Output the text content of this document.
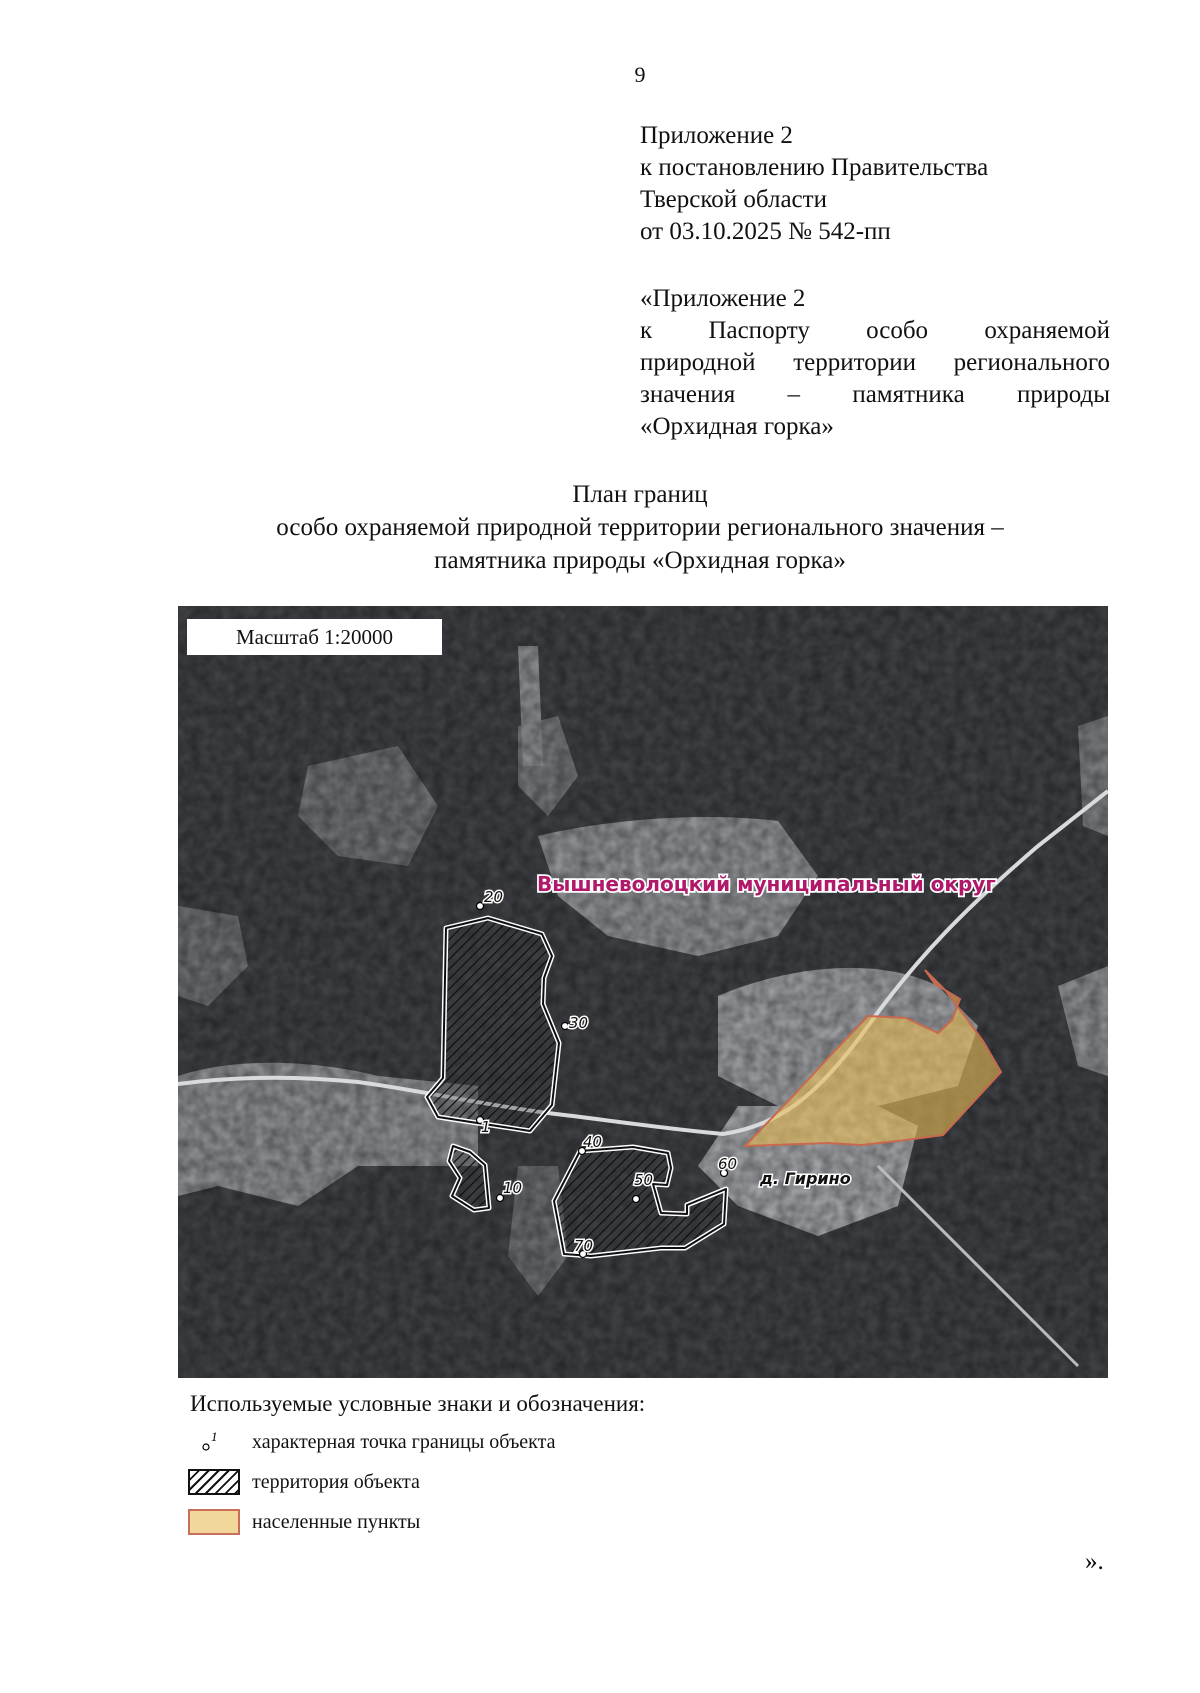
9
Приложение 2
к постановлению Правительства
Тверской области
от 03.10.2025 № 542-пп
«Приложение 2
к Паспорту особо охраняемой
природной территории регионального
значения – памятника природы
«Орхидная горка»
План границ
особо охраняемой природной территории регионального значения –
памятника природы «Орхидная горка»
20
30
1
10
40
50
60
70
Вышневолоцкий муниципальный округ
д. Гирино
Масштаб 1:20000
Используемые условные знаки и обозначения:
1 характерная точка границы объекта
территория объекта
населенные пункты
».
